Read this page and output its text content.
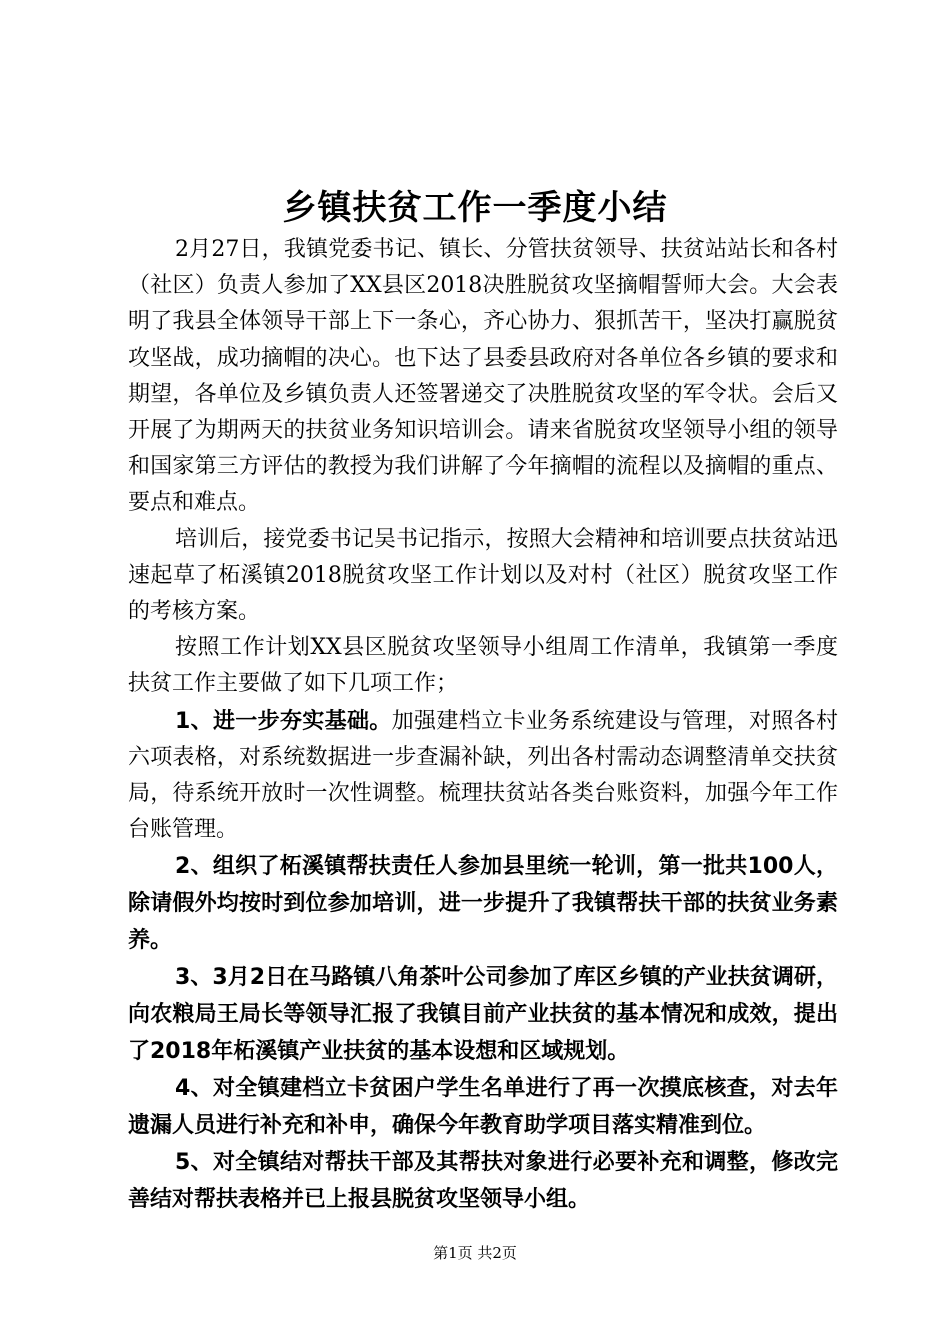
乡镇扶贫工作一季度小结

2月27日，我镇党委书记、镇长、分管扶贫领导、扶贫站站长和各村（社区）负责人参加了XX县区2018决胜脱贫攻坚摘帽誓师大会。大会表明了我县全体领导干部上下一条心，齐心协力、狠抓苦干，坚决打赢脱贫攻坚战，成功摘帽的决心。也下达了县委县政府对各单位各乡镇的要求和期望，各单位及乡镇负责人还签署递交了决胜脱贫攻坚的军令状。会后又开展了为期两天的扶贫业务知识培训会。请来省脱贫攻坚领导小组的领导和国家第三方评估的教授为我们讲解了今年摘帽的流程以及摘帽的重点、要点和难点。

培训后，接党委书记吴书记指示，按照大会精神和培训要点扶贫站迅速起草了柘溪镇2018脱贫攻坚工作计划以及对村（社区）脱贫攻坚工作的考核方案。

按照工作计划XX县区脱贫攻坚领导小组周工作清单，我镇第一季度扶贫工作主要做了如下几项工作；

1、进一步夯实基础。加强建档立卡业务系统建设与管理，对照各村六项表格，对系统数据进一步查漏补缺，列出各村需动态调整清单交扶贫局，待系统开放时一次性调整。梳理扶贫站各类台账资料，加强今年工作台账管理。

2、组织了柘溪镇帮扶责任人参加县里统一轮训，第一批共100人，除请假外均按时到位参加培训，进一步提升了我镇帮扶干部的扶贫业务素养。

3、3月2日在马路镇八角茶叶公司参加了库区乡镇的产业扶贫调研，向农粮局王局长等领导汇报了我镇目前产业扶贫的基本情况和成效，提出了2018年柘溪镇产业扶贫的基本设想和区域规划。

4、对全镇建档立卡贫困户学生名单进行了再一次摸底核查，对去年遗漏人员进行补充和补申，确保今年教育助学项目落实精准到位。

5、对全镇结对帮扶干部及其帮扶对象进行必要补充和调整，修改完善结对帮扶表格并已上报县脱贫攻坚领导小组。

第1页 共2页
